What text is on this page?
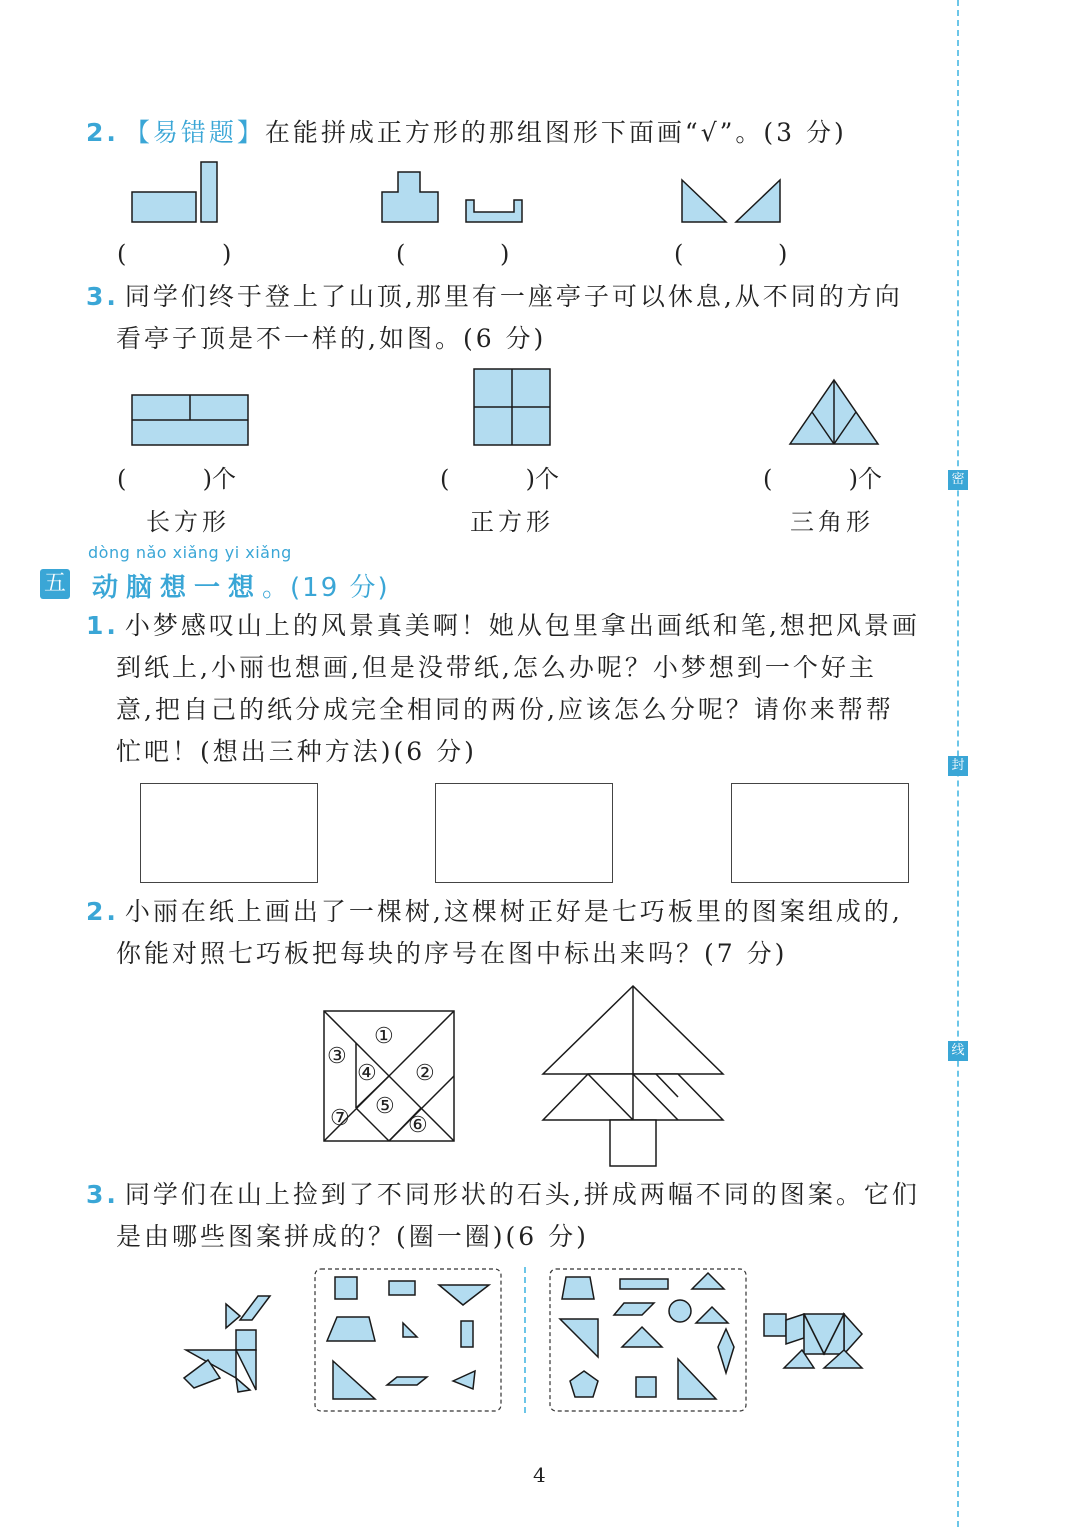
密
封
线
2. 【易错题】在能拼成正方形的那组图形下面画“√”。(3 分)
(	)	(	)	(	)
3. 同学们终于登上了山顶,那里有一座亭子可以休息,从不同的方向
看亭子顶是不一样的,如图。(6 分)
(          )个	(          )个	(          )个
长方形	正方形	三角形
dòng nǎo xiǎng yi xiǎng
五 动脑想一想。(19 分)
1. 小梦感叹山上的风景真美啊！她从包里拿出画纸和笔,想把风景画
到纸上,小丽也想画,但是没带纸,怎么办呢？小梦想到一个好主
意,把自己的纸分成完全相同的两份,应该怎么分呢？请你来帮帮
忙吧！(想出三种方法)(6 分)
2. 小丽在纸上画出了一棵树,这棵树正好是七巧板里的图案组成的,
你能对照七巧板把每块的序号在图中标出来吗？(7 分)
①
②
③
④
⑤
⑥
⑦
3. 同学们在山上捡到了不同形状的石头,拼成两幅不同的图案。它们
是由哪些图案拼成的？(圈一圈)(6 分)
4
